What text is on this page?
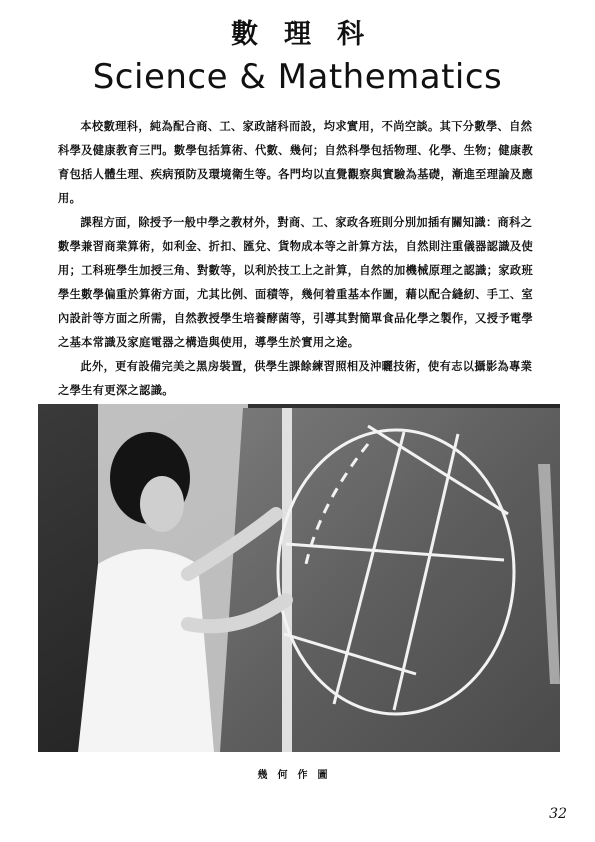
數理科
Science & Mathematics

本校數理科，純為配合商、工、家政諸科而設，均求實用，不尚空談。其下分數學、自然科學及健康教育三門。數學包括算術、代數、幾何；自然科學包括物理、化學、生物；健康教育包括人體生理、疾病預防及環境衛生等。各門均以直覺觀察與實驗為基礎，漸進至理論及應用。

課程方面，除授予一般中學之教材外，對商、工、家政各班則分別加插有關知識：商科之數學兼習商業算術，如利金、折扣、匯兌、貨物成本等之計算方法，自然則注重儀器認識及使用；工科班學生加授三角、對數等，以利於技工上之計算，自然的加機械原理之認識；家政班學生數學偏重於算術方面，尤其比例、面積等，幾何着重基本作圖，藉以配合縫紉、手工、室內設計等方面之所需，自然教授學生培養酵菌等，引導其對簡單食品化學之製作，又授予電學之基本常識及家庭電器之構造與使用，導學生於實用之途。

此外，更有設備完美之黑房裝置，供學生課餘練習照相及沖曬技術，使有志以攝影為專業之學生有更深之認識。

幾何作圖
32
